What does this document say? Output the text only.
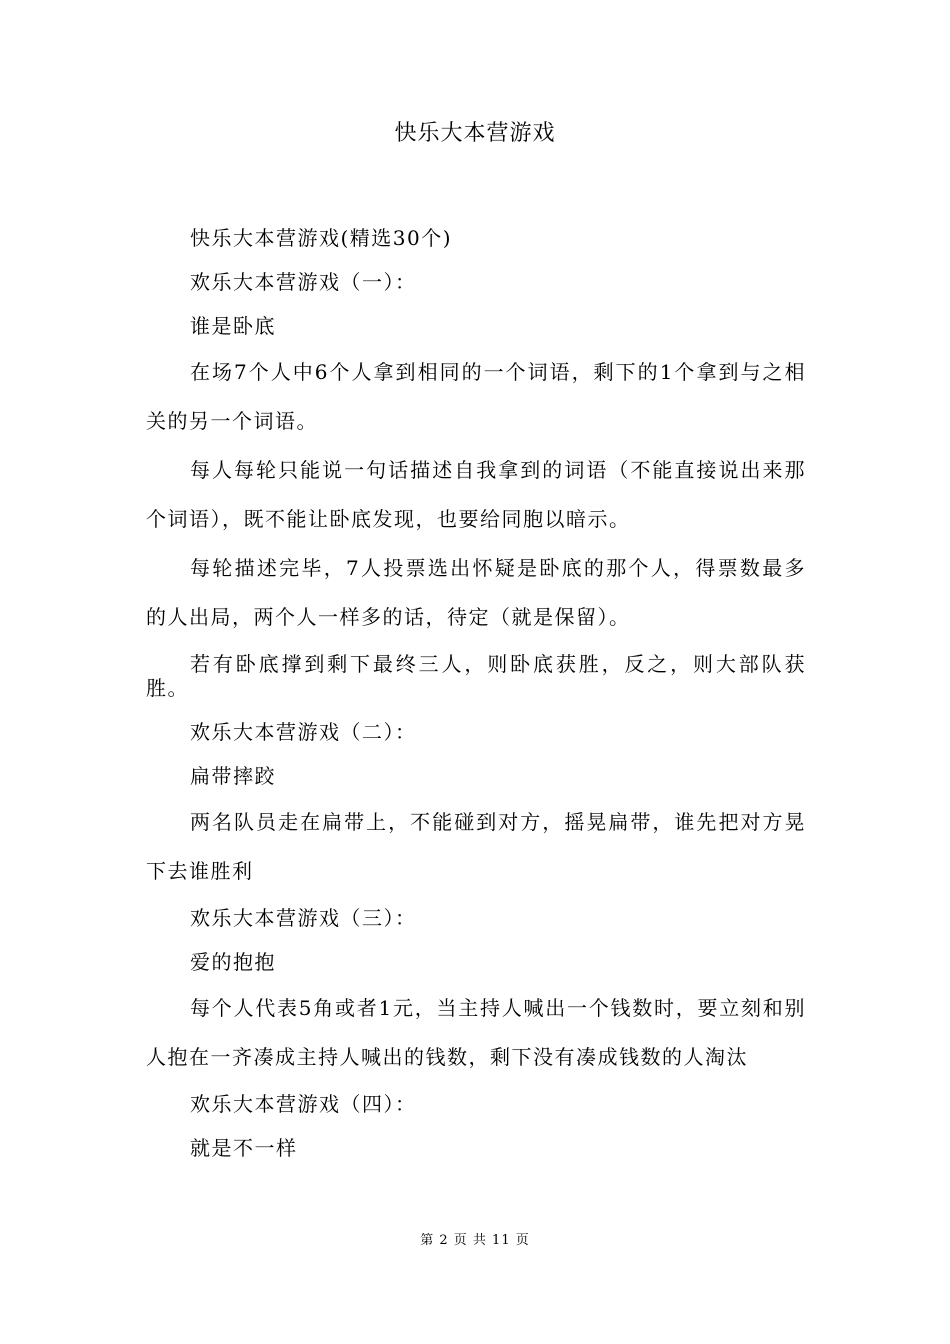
快乐大本营游戏

快乐大本营游戏(精选30个)

欢乐大本营游戏（一）：

谁是卧底

在场7个人中6个人拿到相同的一个词语，剩下的1个拿到与之相关的另一个词语。

每人每轮只能说一句话描述自我拿到的词语（不能直接说出来那个词语），既不能让卧底发现，也要给同胞以暗示。

每轮描述完毕，7人投票选出怀疑是卧底的那个人，得票数最多的人出局，两个人一样多的话，待定（就是保留）。

若有卧底撑到剩下最终三人，则卧底获胜，反之，则大部队获胜。

欢乐大本营游戏（二）：

扁带摔跤

两名队员走在扁带上，不能碰到对方，摇晃扁带，谁先把对方晃下去谁胜利

欢乐大本营游戏（三）：

爱的抱抱

每个人代表5角或者1元，当主持人喊出一个钱数时，要立刻和别人抱在一齐凑成主持人喊出的钱数，剩下没有凑成钱数的人淘汰

欢乐大本营游戏（四）：

就是不一样

第 2 页 共 11 页
